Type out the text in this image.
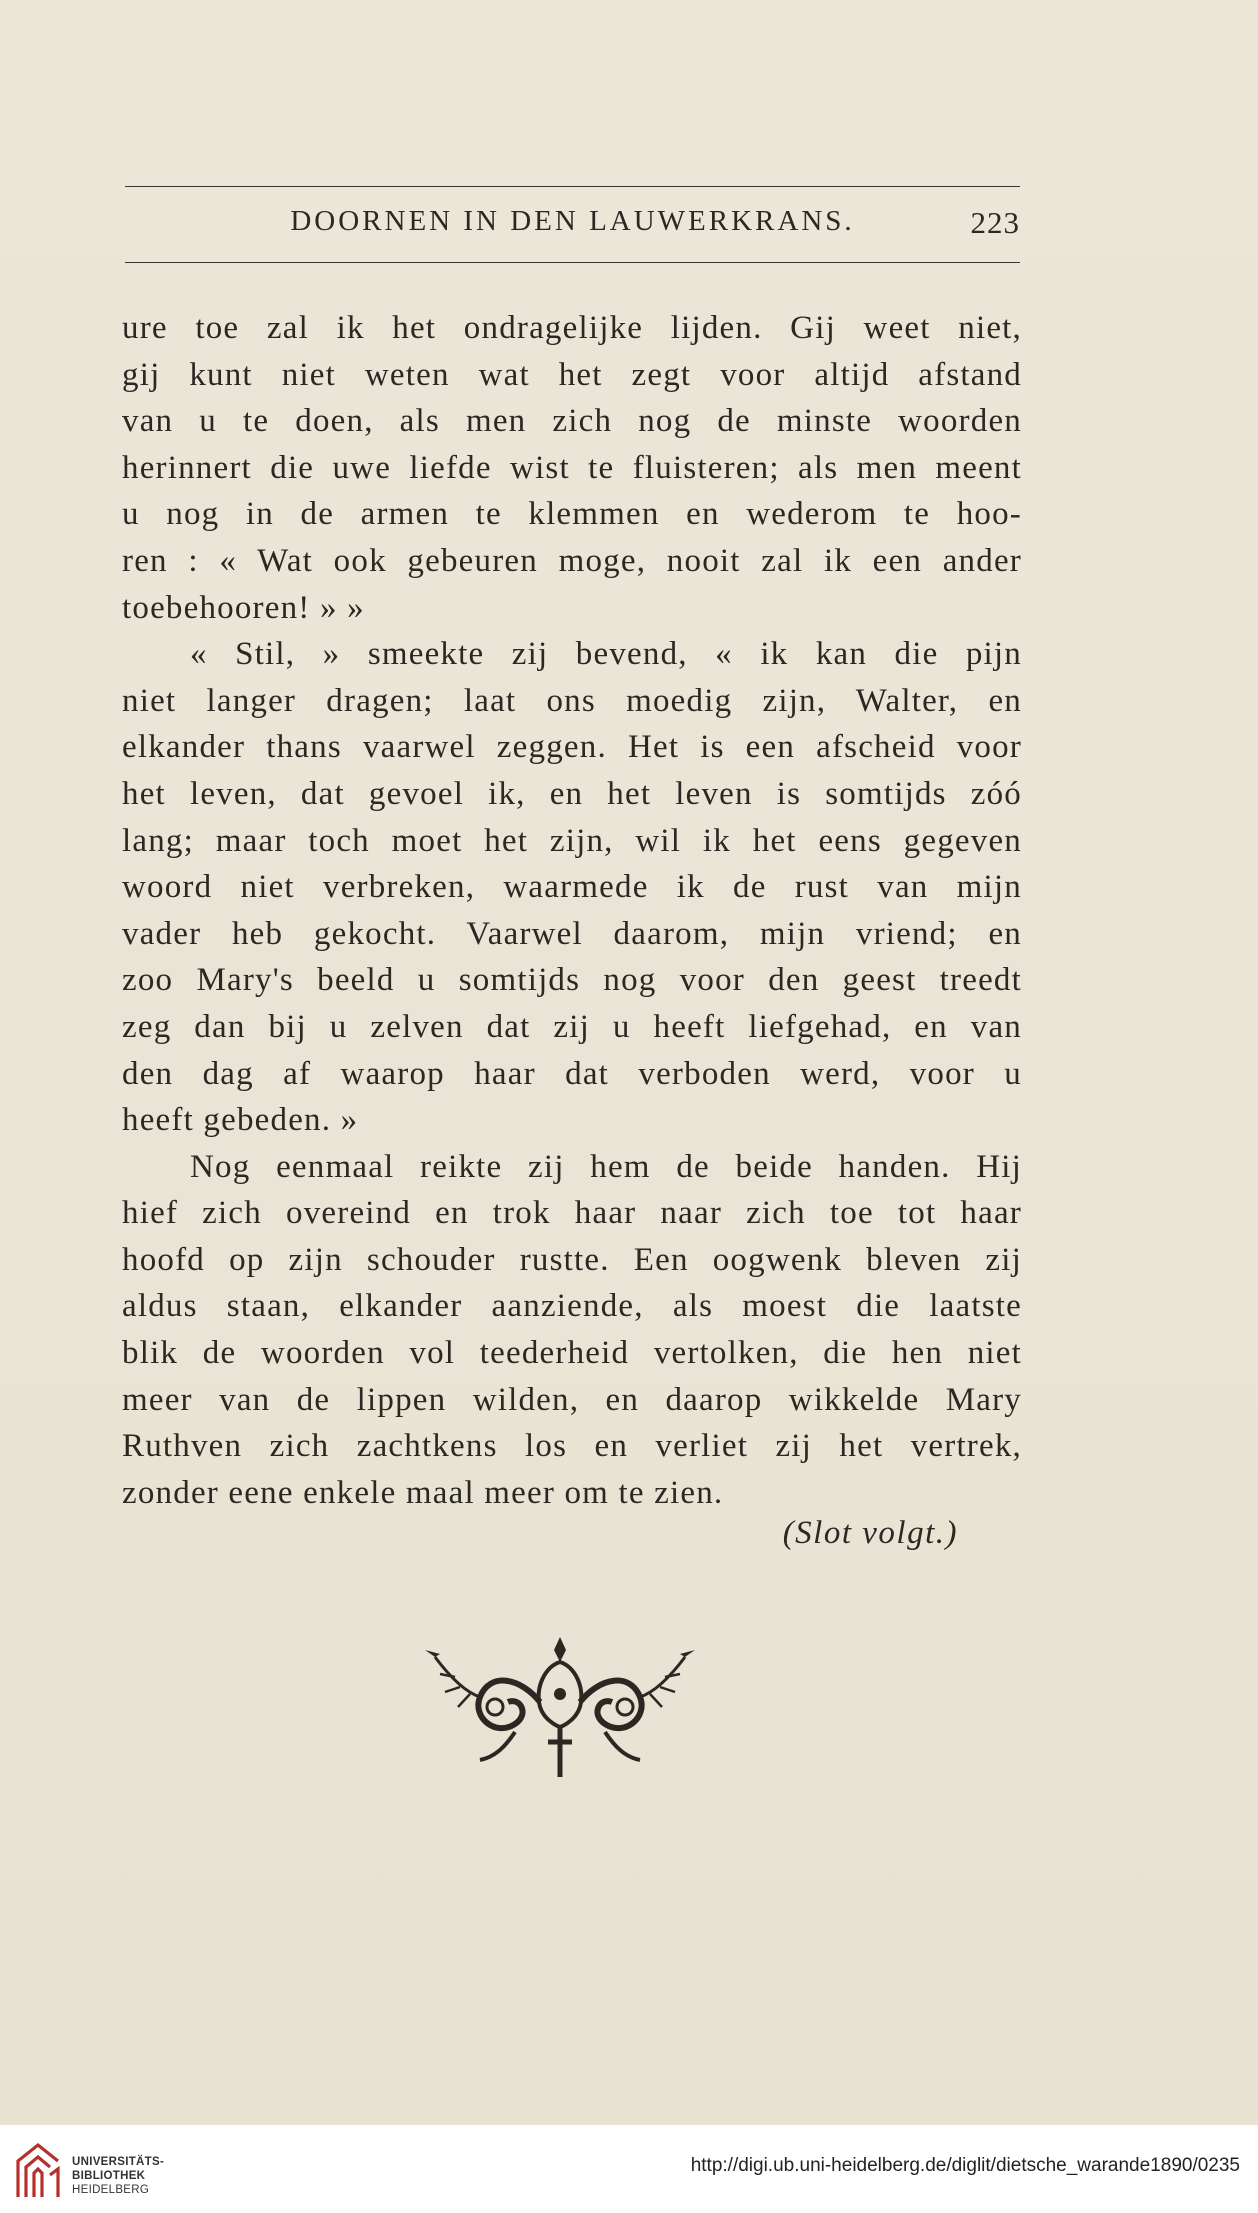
DOORNEN IN DEN LAUWERKRANS.	223
ure toe zal ik het ondragelijke lijden. Gij weet niet,
gij kunt niet weten wat het zegt voor altijd afstand
van u te doen, als men zich nog de minste woorden
herinnert die uwe liefde wist te fluisteren; als men meent
u nog in de armen te klemmen en wederom te hoo-
ren : « Wat ook gebeuren moge, nooit zal ik een ander
toebehooren! » »
« Stil, » smeekte zij bevend, « ik kan die pijn
niet langer dragen; laat ons moedig zijn, Walter, en
elkander thans vaarwel zeggen. Het is een afscheid voor
het leven, dat gevoel ik, en het leven is somtijds zóó
lang; maar toch moet het zijn, wil ik het eens gegeven
woord niet verbreken, waarmede ik de rust van mijn
vader heb gekocht. Vaarwel daarom, mijn vriend; en
zoo Mary's beeld u somtijds nog voor den geest treedt
zeg dan bij u zelven dat zij u heeft liefgehad, en van
den dag af waarop haar dat verboden werd, voor u
heeft gebeden. »
Nog eenmaal reikte zij hem de beide handen. Hij
hief zich overeind en trok haar naar zich toe tot haar
hoofd op zijn schouder rustte. Een oogwenk bleven zij
aldus staan, elkander aanziende, als moest die laatste
blik de woorden vol teederheid vertolken, die hen niet
meer van de lippen wilden, en daarop wikkelde Mary
Ruthven zich zachtkens los en verliet zij het vertrek,
zonder eene enkele maal meer om te zien.
(Slot volgt.)
UNIVERSITÄTS-
BIBLIOTHEK
HEIDELBERG
http://digi.ub.uni-heidelberg.de/diglit/dietsche_warande1890/0235
